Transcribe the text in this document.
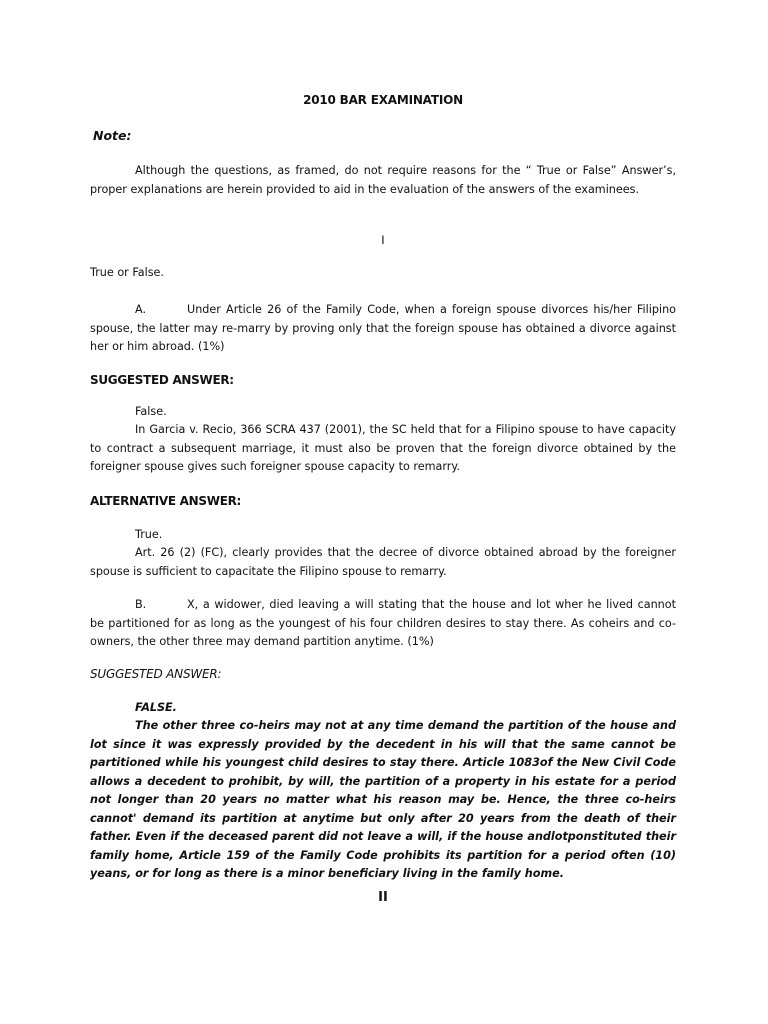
2010 BAR EXAMINATION
Note:
Although the questions, as framed, do not require reasons for the “ True or False” Answer’s, proper explanations are herein provided to aid in the evaluation of the answers of the examinees.
I
True or False.
A.	Under Article 26 of the Family Code, when a foreign spouse divorces his/her Filipino spouse, the latter may re-marry by proving only that the foreign spouse has obtained a divorce against her or him abroad. (1%)
SUGGESTED ANSWER:
False.
In Garcia v. Recio, 366 SCRA 437 (2001), the SC held that for a Filipino spouse to have capacity to contract a subsequent marriage, it must also be proven that the foreign divorce obtained by the foreigner spouse gives such foreigner spouse capacity to remarry.
ALTERNATIVE ANSWER:
True.
Art. 26 (2) (FC), clearly provides that the decree of divorce obtained abroad by the foreigner spouse is sufficient to capacitate the Filipino spouse to remarry.
B.	X, a widower, died leaving a will stating that the house and lot wher he lived cannot be partitioned for as long as the youngest of his four children desires to stay there. As coheirs and co-owners, the other three may demand partition anytime. (1%)
SUGGESTED ANSWER:
FALSE.
The other three co-heirs may not at any time demand the partition of the house and lot since it was expressly provided by the decedent in his will that the same cannot be partitioned while his youngest child desires to stay there. Article 1083of the New Civil Code allows a decedent to prohibit, by will, the partition of a property in his estate for a period not longer than 20 years no matter what his reason may be. Hence, the three co-heirs cannot' demand its partition at anytime but only after 20 years from the death of their father. Even if the deceased parent did not leave a will, if the house andlotponstituted their family home, Article 159 of the Family Code prohibits its partition for a period often (10) yeans, or for long as there is a minor beneficiary living in the family home.
II
